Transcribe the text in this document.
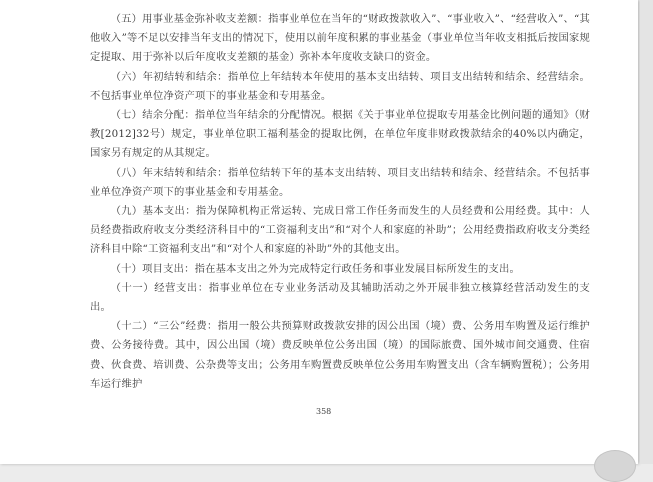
（五）用事业基金弥补收支差额：指事业单位在当年的“财政拨款收入”、“事业收入”、“经营收入”、“其他收入”等不足以安排当年支出的情况下，使用以前年度积累的事业基金（事业单位当年收支相抵后按国家规定提取、用于弥补以后年度收支差额的基金）弥补本年度收支缺口的资金。

（六）年初结转和结余：指单位上年结转本年使用的基本支出结转、项目支出结转和结余、经营结余。不包括事业单位净资产项下的事业基金和专用基金。

（七）结余分配：指单位当年结余的分配情况。根据《关于事业单位提取专用基金比例问题的通知》（财教[2012]32号）规定，事业单位职工福利基金的提取比例，在单位年度非财政拨款结余的40%以内确定，国家另有规定的从其规定。

（八）年末结转和结余：指单位结转下年的基本支出结转、项目支出结转和结余、经营结余。不包括事业单位净资产项下的事业基金和专用基金。

（九）基本支出：指为保障机构正常运转、完成日常工作任务而发生的人员经费和公用经费。其中：人员经费指政府收支分类经济科目中的“工资福利支出”和“对个人和家庭的补助”；公用经费指政府收支分类经济科目中除“工资福利支出”和“对个人和家庭的补助”外的其他支出。

（十）项目支出：指在基本支出之外为完成特定行政任务和事业发展目标所发生的支出。

（十一）经营支出：指事业单位在专业业务活动及其辅助活动之外开展非独立核算经营活动发生的支出。

（十二）“三公”经费：指用一般公共预算财政拨款安排的因公出国（境）费、公务用车购置及运行维护费、公务接待费。其中，因公出国（境）费反映单位公务出国（境）的国际旅费、国外城市间交通费、住宿费、伙食费、培训费、公杂费等支出；公务用车购置费反映单位公务用车购置支出（含车辆购置税）；公务用车运行维护

358
